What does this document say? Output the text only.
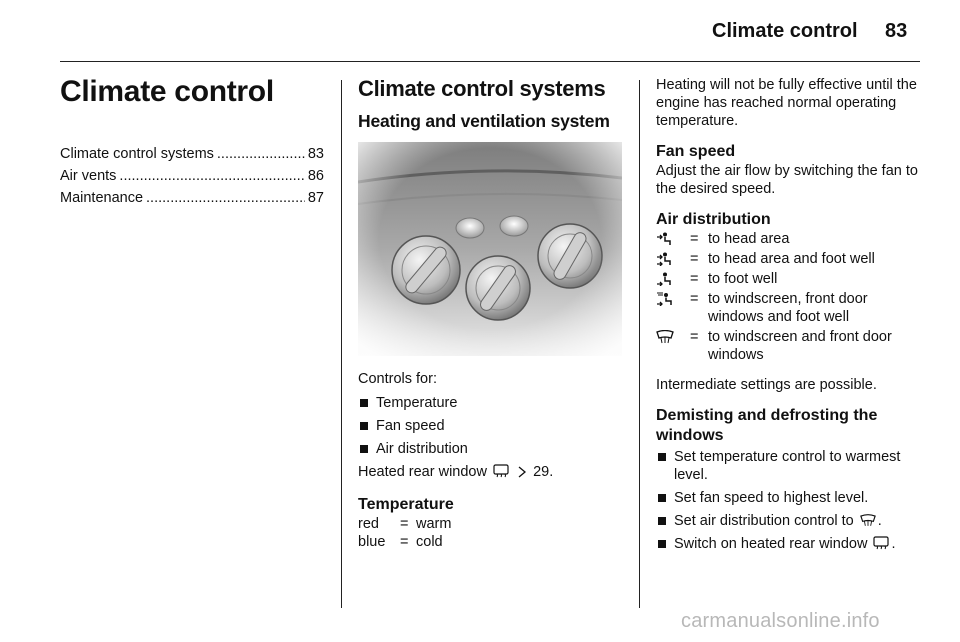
Climate control 83
Climate control
Climate control systems .....	83
Air vents .....	86
Maintenance .....	87
Climate control systems
Heating and ventilation system

Controls for:

Temperature
Fan speed
Air distribution

Heated rear window	29.

Temperature
red	= warm
blue	= cold

Heating will not be fully effective until the engine has reached normal operating temperature.

Fan speed

Adjust the air flow by switching the fan to the desired speed.

Air distribution
= to head area
= to head area and foot well
= to foot well
= to windscreen, front door windows and foot well
= to windscreen and front door windows

Intermediate settings are possible.

Demisting and defrosting the windows
Set temperature control to warmest level.
Set fan speed to highest level.
Set air distribution control to .
Switch on heated rear window .
carmanualsonline.info
